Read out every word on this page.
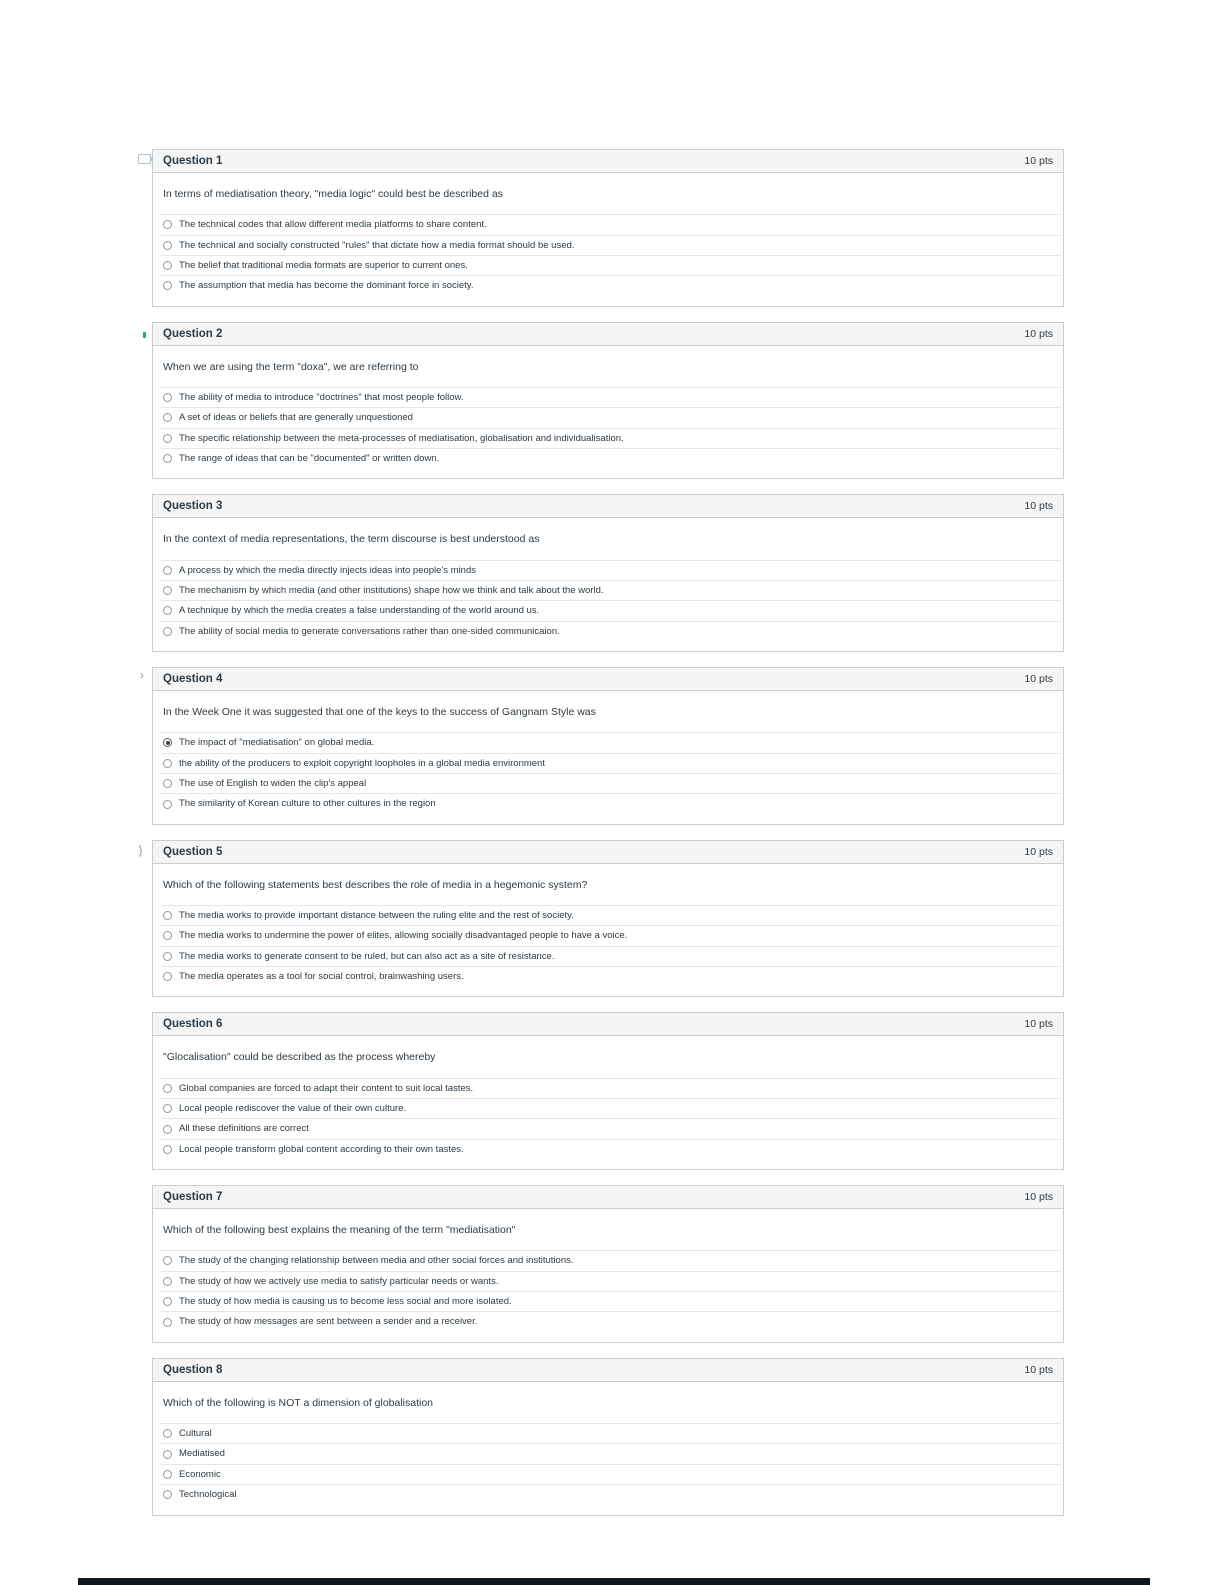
Question 1	10 pts
In terms of mediatisation theory, "media logic" could best be described as
The technical codes that allow different media platforms to share content.
The technical and socially constructed "rules" that dictate how a media format should be used.
The belief that traditional media formats are superior to current ones.
The assumption that media has become the dominant force in society.
Question 2	10 pts
When we are using the term "doxa", we are referring to
The ability of media to introduce "doctrines" that most people follow.
A set of ideas or beliefs that are generally unquestioned
The specific relationship between the meta-processes of mediatisation, globalisation and individualisation.
The range of ideas that can be "documented" or written down.
Question 3	10 pts
In the context of media representations, the term discourse is best understood as
A process by which the media directly injects ideas into people's minds
The mechanism by which media (and other institutions) shape how we think and talk about the world.
A technique by which the media creates a false understanding of the world around us.
The ability of social media to generate conversations rather than one-sided communicaion.
Question 4	10 pts
In the Week One it was suggested that one of the keys to the success of Gangnam Style was
The impact of "mediatisation" on global media.
the ability of the producers to exploit copyright loopholes in a global media environment
The use of English to widen the clip's appeal
The similarity of Korean culture to other cultures in the region
›
Question 5	10 pts
Which of the following statements best describes the role of media in a hegemonic system?
The media works to provide important distance between the ruling elite and the rest of society.
The media works to undermine the power of elites, allowing socially disadvantaged people to have a voice.
The media works to generate consent to be ruled, but can also act as a site of resistance.
The media operates as a tool for social control, brainwashing users.
⟩
Question 6	10 pts
"Glocalisation" could be described as the process whereby
Global companies are forced to adapt their content to suit local tastes.
Local people rediscover the value of their own culture.
All these definitions are correct
Local people transform global content according to their own tastes.
Question 7	10 pts
Which of the following best explains the meaning of the term "mediatisation"
The study of the changing relationship between media and other social forces and institutions.
The study of how we actively use media to satisfy particular needs or wants.
The study of how media is causing us to become less social and more isolated.
The study of how messages are sent between a sender and a receiver.
Question 8	10 pts
Which of the following is NOT a dimension of globalisation
Cultural
Mediatised
Economic
Technological
